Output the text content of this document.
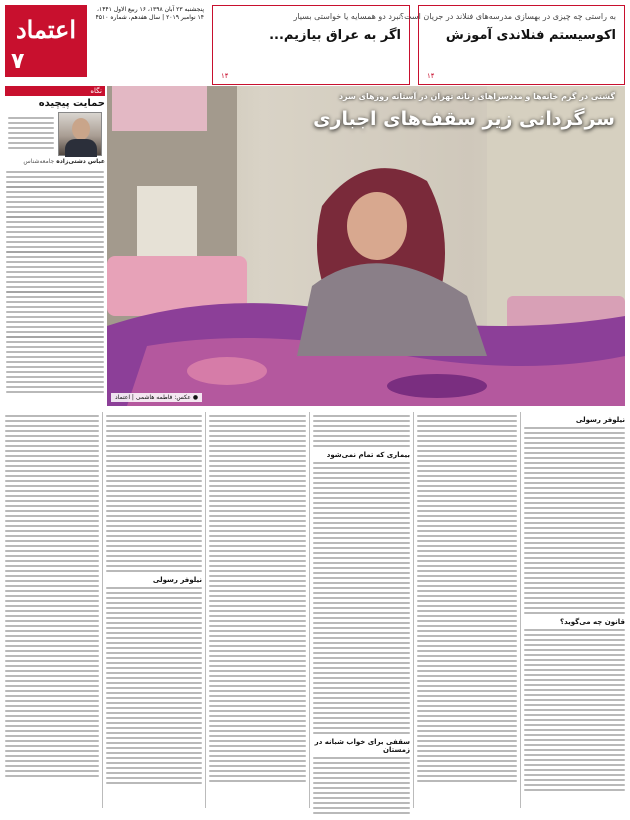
اعتماد
۷
پنجشنبه ۲۳ آبان ۱۳۹۸، ۱۶ ربیع الاول ۱۴۴۱، ۱۴ نوامبر ۲۰۱۹ | سال هفدهم، شماره ۴۵۱۰	نبرد دو همسایه یا خواستی بسیار
اگر به عراق بیازیم...
۱۴
به راستی چه چیزی در بهسازی مدرسه‌های فنلاند در جریان است؟
اکوسیستم فنلاندی آموزش
۱۴
نگاه
حمایت پیچیده
عباس دشتی‌زاده جامعه‌شناس
گشتی در گرم خانه‌ها و مددسراهای زنانه تهران در آستانه روزهای سرد
سرگردانی زیر سقف‌های اجباری
● عکس: فاطمه هاشمی | اعتماد
نیلوفر رسولی
قانون چه می‌گوید؟
بیماری که تمام نمی‌شود
سقفی برای خواب شبانه در زمستان
نیلوفر رسولی
